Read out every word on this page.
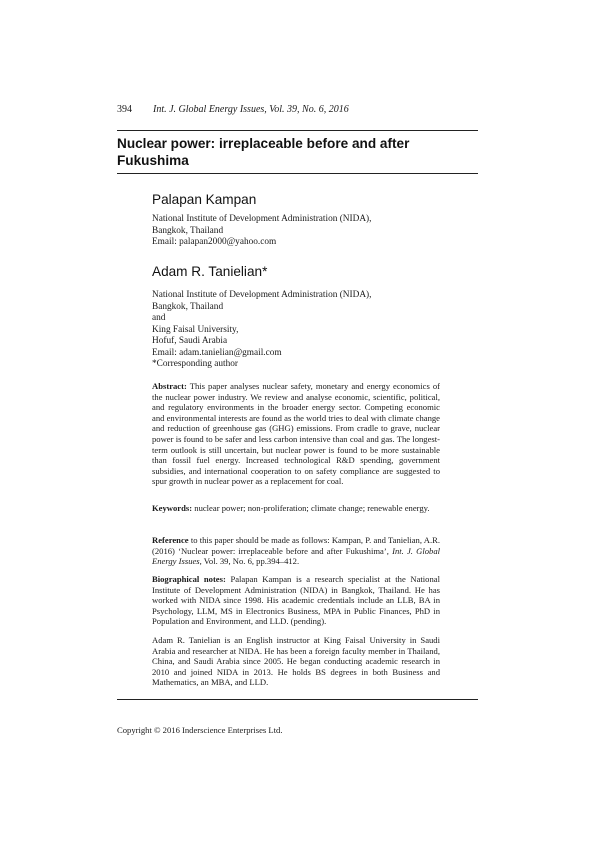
394 Int. J. Global Energy Issues, Vol. 39, No. 6, 2016
Nuclear power: irreplaceable before and after Fukushima
Palapan Kampan
National Institute of Development Administration (NIDA),
Bangkok, Thailand
Email: palapan2000@yahoo.com
Adam R. Tanielian*
National Institute of Development Administration (NIDA),
Bangkok, Thailand
and
King Faisal University,
Hofuf, Saudi Arabia
Email: adam.tanielian@gmail.com
*Corresponding author
Abstract: This paper analyses nuclear safety, monetary and energy economics of the nuclear power industry. We review and analyse economic, scientific, political, and regulatory environments in the broader energy sector. Competing economic and environmental interests are found as the world tries to deal with climate change and reduction of greenhouse gas (GHG) emissions. From cradle to grave, nuclear power is found to be safer and less carbon intensive than coal and gas. The longest-term outlook is still uncertain, but nuclear power is found to be more sustainable than fossil fuel energy. Increased technological R&D spending, government subsidies, and international cooperation to on safety compliance are suggested to spur growth in nuclear power as a replacement for coal.
Keywords: nuclear power; non-proliferation; climate change; renewable energy.
Reference to this paper should be made as follows: Kampan, P. and Tanielian, A.R. (2016) ‘Nuclear power: irreplaceable before and after Fukushima’, Int. J. Global Energy Issues, Vol. 39, No. 6, pp.394–412.
Biographical notes: Palapan Kampan is a research specialist at the National Institute of Development Administration (NIDA) in Bangkok, Thailand. He has worked with NIDA since 1998. His academic credentials include an LLB, BA in Psychology, LLM, MS in Electronics Business, MPA in Public Finances, PhD in Population and Environment, and LLD. (pending).
Adam R. Tanielian is an English instructor at King Faisal University in Saudi Arabia and researcher at NIDA. He has been a foreign faculty member in Thailand, China, and Saudi Arabia since 2005. He began conducting academic research in 2010 and joined NIDA in 2013. He holds BS degrees in both Business and Mathematics, an MBA, and LLD.
Copyright © 2016 Inderscience Enterprises Ltd.
